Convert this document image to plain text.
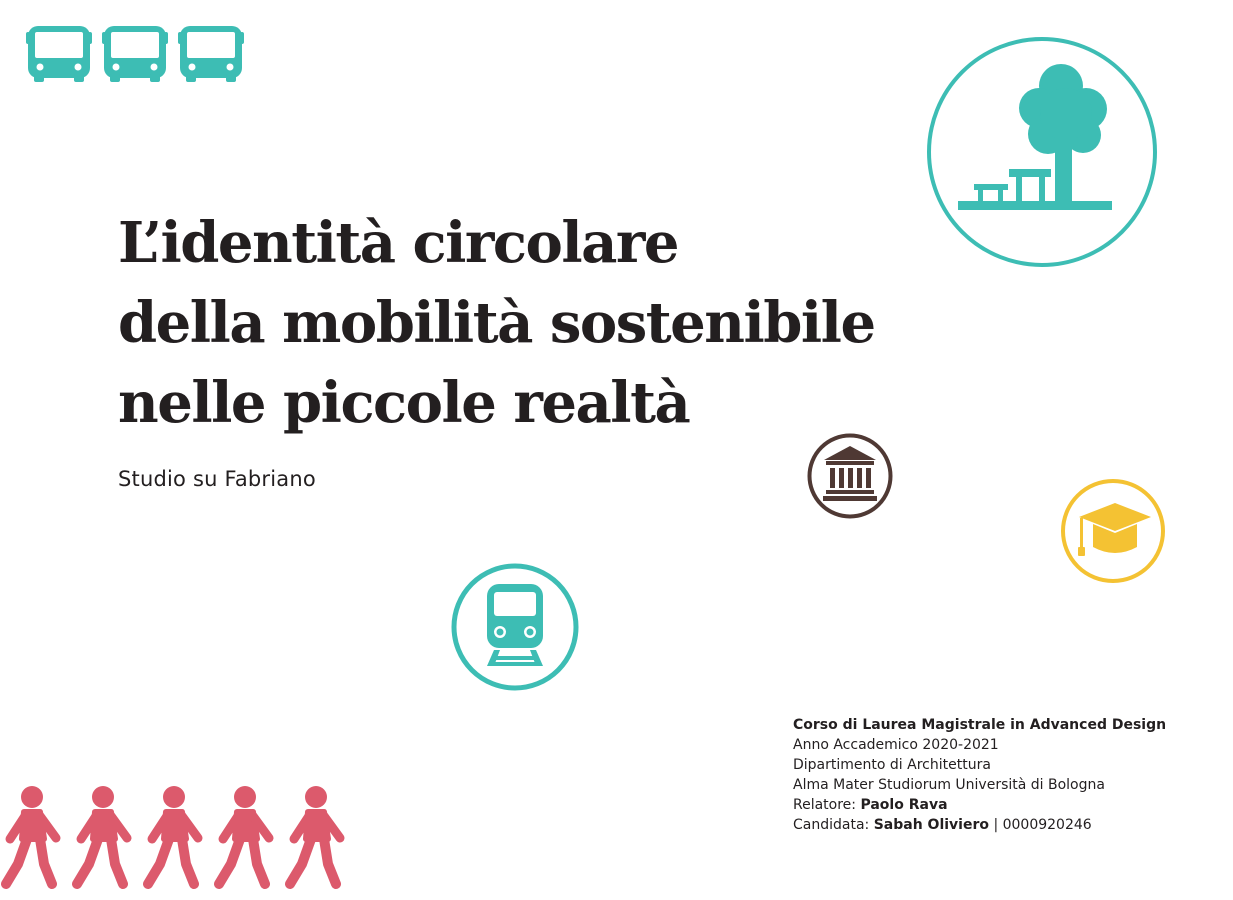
L’identità circolare
della mobilità sostenibile
nelle piccole realtà

Studio su Fabriano

Corso di Laurea Magistrale in Advanced Design
Anno Accademico 2020-2021
Dipartimento di Architettura
Alma Mater Studiorum Università di Bologna
Relatore: Paolo Rava
Candidata: Sabah Oliviero | 0000920246
